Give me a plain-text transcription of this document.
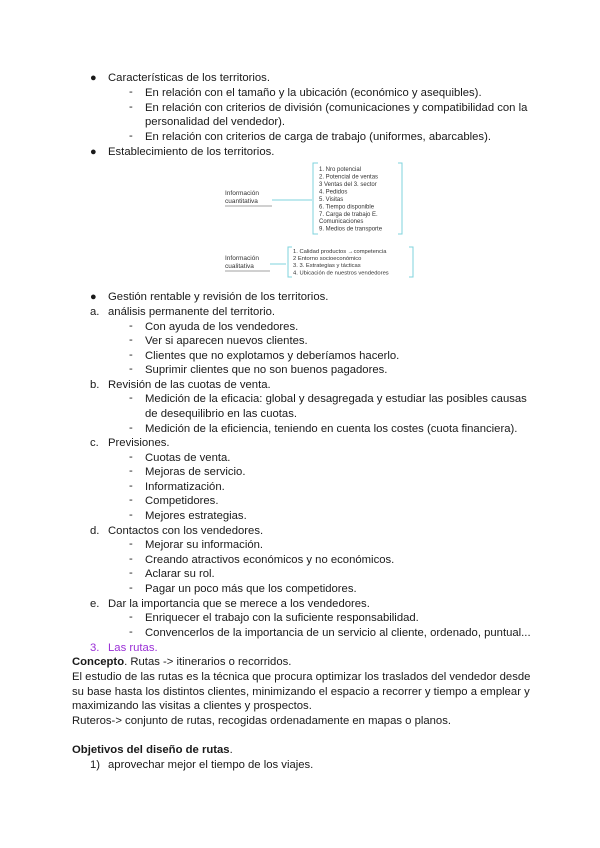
● Características de los territorios.
- En relación con el tamaño y la ubicación (económico y asequibles).
- En relación con criterios de división (comunicaciones y compatibilidad con la
personalidad del vendedor).
- En relación con criterios de carga de trabajo (uniformes, abarcables).
● Establecimiento de los territorios.
Información
cuantitativa
1. Nro potencial
2. Potencial de ventas
3 Ventas del 3. sector
4. Pedidos
5. Visitas
6. Tiempo disponible
7. Carga de trabajo E.
Comunicaciones
9. Medios de transporte
Información
cualitativa
1. Calidad productos →competencia
2 Entorno socioeconómico
3. 3. Estrategias y tácticas
4. Ubicación de nuestros vendedores
● Gestión rentable y revisión de los territorios.
a. análisis permanente del territorio.
- Con ayuda de los vendedores.
- Ver si aparecen nuevos clientes.
- Clientes que no explotamos y deberíamos hacerlo.
- Suprimir clientes que no son buenos pagadores.
b. Revisión de las cuotas de venta.
- Medición de la eficacia: global y desagregada y estudiar las posibles causas
de desequilibrio en las cuotas.
- Medición de la eficiencia, teniendo en cuenta los costes (cuota financiera).
c. Previsiones.
- Cuotas de venta.
- Mejoras de servicio.
- Informatización.
- Competidores.
- Mejores estrategias.
d. Contactos con los vendedores.
- Mejorar su información.
- Creando atractivos económicos y no económicos.
- Aclarar su rol.
- Pagar un poco más que los competidores.
e. Dar la importancia que se merece a los vendedores.
- Enriquecer el trabajo con la suficiente responsabilidad.
- Convencerlos de la importancia de un servicio al cliente, ordenado, puntual...
3. Las rutas.
Concepto. Rutas -> itinerarios o recorridos.
El estudio de las rutas es la técnica que procura optimizar los traslados del vendedor desde
su base hasta los distintos clientes, minimizando el espacio a recorrer y tiempo a emplear y
maximizando las visitas a clientes y prospectos.
Ruteros-> conjunto de rutas, recogidas ordenadamente en mapas o planos.
Objetivos del diseño de rutas.
1) aprovechar mejor el tiempo de los viajes.
